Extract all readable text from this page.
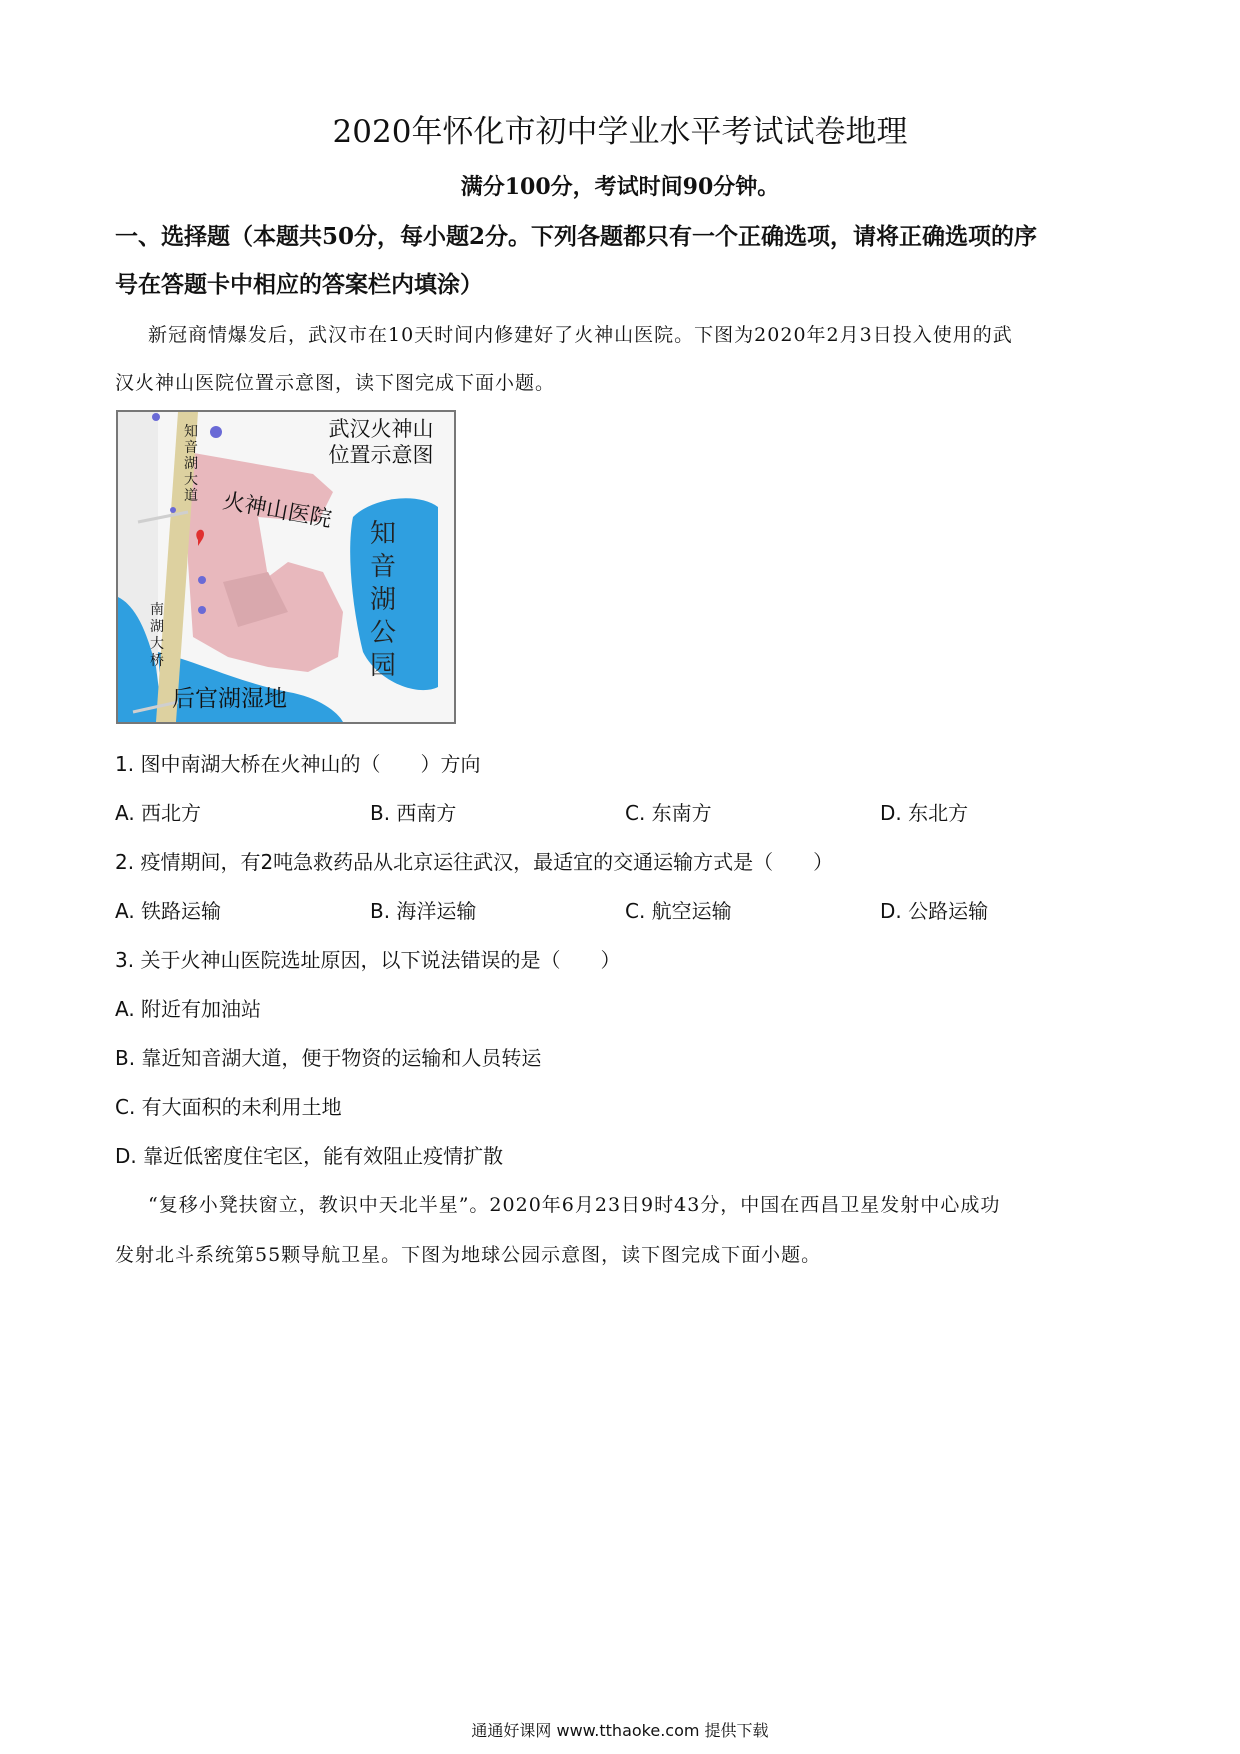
2020年怀化市初中学业水平考试试卷地理
满分100分，考试时间90分钟。
一、选择题（本题共50分，每小题2分。下列各题都只有一个正确选项，请将正确选项的序
号在答题卡中相应的答案栏内填涂）
新冠商情爆发后，武汉市在10天时间内修建好了火神山医院。下图为2020年2月3日投入使用的武
汉火神山医院位置示意图，读下图完成下面小题。
武汉火神山
位置示意图
火神山医院
知
音
湖
大
道
知
音
湖
公
园
南
湖
大
桥
后官湖湿地
1. 图中南湖大桥在火神山的（　　）方向
A. 西北方	B. 西南方	C. 东南方	D. 东北方
2. 疫情期间，有2吨急救药品从北京运往武汉，最适宜的交通运输方式是（　　）
A. 铁路运输	B. 海洋运输	C. 航空运输	D. 公路运输
3. 关于火神山医院选址原因，以下说法错误的是（　　）
A. 附近有加油站
B. 靠近知音湖大道，便于物资的运输和人员转运
C. 有大面积的未利用土地
D. 靠近低密度住宅区，能有效阻止疫情扩散
“复移小凳扶窗立，教识中天北半星”。2020年6月23日9时43分，中国在西昌卫星发射中心成功
发射北斗系统第55颗导航卫星。下图为地球公园示意图，读下图完成下面小题。
通通好课网 www.tthaoke.com 提供下载
